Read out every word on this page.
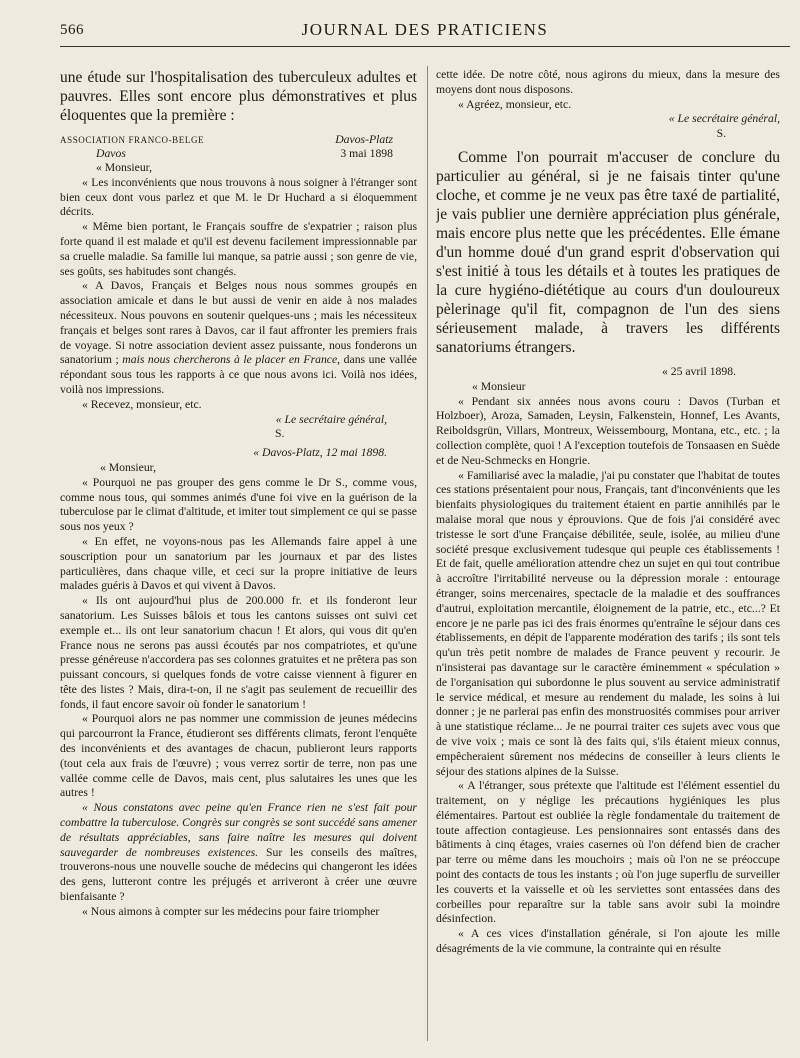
566	JOURNAL DES PRATICIENS

une étude sur l'hospitalisation des tuberculeux adultes et pauvres. Elles sont encore plus démonstratives et plus éloquentes que la première :

ASSOCIATION FRANCO-BELGE	Davos-Platz
Davos	3 mai 1898

« Monsieur,

« Les inconvénients que nous trouvons à nous soigner à l'étranger sont bien ceux dont vous parlez et que M. le Dr Huchard a si éloquemment décrits.

« Même bien portant, le Français souffre de s'expatrier ; raison plus forte quand il est malade et qu'il est devenu facilement impressionnable par sa cruelle maladie. Sa famille lui manque, sa patrie aussi ; son genre de vie, ses goûts, ses habitudes sont changés.

« A Davos, Français et Belges nous nous sommes groupés en association amicale et dans le but aussi de venir en aide à nos malades nécessiteux. Nous pouvons en soutenir quelques-uns ; mais les nécessiteux français et belges sont rares à Davos, car il faut affronter les premiers frais de voyage. Si notre association devient assez puissante, nous fonderons un sanatorium ; mais nous chercherons à le placer en France, dans une vallée répondant sous tous les rapports à ce que nous avons ici. Voilà nos idées, voilà nos impressions.

« Recevez, monsieur, etc.

« Le secrétaire général,

S.

« Davos-Platz, 12 mai 1898.

« Monsieur,

« Pourquoi ne pas grouper des gens comme le Dr S., comme vous, comme nous tous, qui sommes animés d'une foi vive en la guérison de la tuberculose par le climat d'altitude, et imiter tout simplement ce qui se passe sous nos yeux ?

« En effet, ne voyons-nous pas les Allemands faire appel à une souscription pour un sanatorium par les journaux et par des listes particulières, dans chaque ville, et ceci sur la propre initiative de leurs malades guéris à Davos et qui vivent à Davos.

« Ils ont aujourd'hui plus de 200.000 fr. et ils fonderont leur sanatorium. Les Suisses bâlois et tous les cantons suisses ont suivi cet exemple et... ils ont leur sanatorium chacun ! Et alors, qui vous dit qu'en France nous ne serons pas aussi écoutés par nos compatriotes, et qu'une presse généreuse n'accordera pas ses colonnes gratuites et ne prêtera pas son puissant concours, si quelques fonds de votre caisse viennent à figurer en tête des listes ? Mais, dira-t-on, il ne s'agit pas seulement de recueillir des fonds, il faut encore savoir où fonder le sanatorium !

« Pourquoi alors ne pas nommer une commission de jeunes médecins qui parcourront la France, étudieront ses différents climats, feront l'enquête des inconvénients et des avantages de chacun, publieront leurs rapports (tout cela aux frais de l'œuvre) ; vous verrez sortir de terre, non pas une vallée comme celle de Davos, mais cent, plus salutaires les unes que les autres !

« Nous constatons avec peine qu'en France rien ne s'est fait pour combattre la tuberculose. Congrès sur congrès se sont succédé sans amener de résultats appréciables, sans faire naître les mesures qui doivent sauvegarder de nombreuses existences. Sur les conseils des maîtres, trouverons-nous une nouvelle souche de médecins qui changeront les idées des gens, lutteront contre les préjugés et arriveront à créer une œuvre bienfaisante ?

« Nous aimons à compter sur les médecins pour faire triompher

cette idée. De notre côté, nous agirons du mieux, dans la mesure des moyens dont nous disposons.

« Agréez, monsieur, etc.

« Le secrétaire général,

S.

Comme l'on pourrait m'accuser de conclure du particulier au général, si je ne faisais tinter qu'une cloche, et comme je ne veux pas être taxé de partialité, je vais publier une dernière appréciation plus générale, mais encore plus nette que les précédentes. Elle émane d'un homme doué d'un grand esprit d'observation qui s'est initié à tous les détails et à toutes les pratiques de la cure hygiéno-diététique au cours d'un douloureux pèlerinage qu'il fit, compagnon de l'un des siens sérieusement malade, à travers les différents sanatoriums étrangers.

« 25 avril 1898.

« Monsieur

« Pendant six années nous avons couru : Davos (Turban et Holzboer), Aroza, Samaden, Leysin, Falkenstein, Honnef, Les Avants, Reiboldsgrün, Villars, Montreux, Weissembourg, Montana, etc., etc. ; la collection complète, quoi ! A l'exception toutefois de Tonsaasen en Suède et de Neu-Schmecks en Hongrie.

« Familiarisé avec la maladie, j'ai pu constater que l'habitat de toutes ces stations présentaient pour nous, Français, tant d'inconvénients que les bienfaits physiologiques du traitement étaient en partie annihilés par le malaise moral que nous y éprouvions. Que de fois j'ai considéré avec tristesse le sort d'une Française débilitée, seule, isolée, au milieu d'une société presque exclusivement tudesque qui peuple ces établissements ! Et de fait, quelle amélioration attendre chez un sujet en qui tout contribue à accroître l'irritabilité nerveuse ou la dépression morale : entourage étranger, soins mercenaires, spectacle de la maladie et des souffrances d'autrui, exploitation mercantile, éloignement de la patrie, etc., etc...? Et encore je ne parle pas ici des frais énormes qu'entraîne le séjour dans ces établissements, en dépit de l'apparente modération des tarifs ; ils sont tels qu'un très petit nombre de malades de France peuvent y recourir. Je n'insisterai pas davantage sur le caractère éminemment « spéculation » de l'organisation qui subordonne le plus souvent au service administratif le service médical, et mesure au rendement du malade, les soins à lui donner ; je ne parlerai pas enfin des monstruosités commises pour arriver à une statistique réclame... Je ne pourrai traiter ces sujets avec vous que de vive voix ; mais ce sont là des faits qui, s'ils étaient mieux connus, empêcheraient sûrement nos médecins de conseiller à leurs clients le séjour des stations alpines de la Suisse.

« A l'étranger, sous prétexte que l'altitude est l'élément essentiel du traitement, on y néglige les précautions hygiéniques les plus élémentaires. Partout est oubliée la règle fondamentale du traitement de toute affection contagieuse. Les pensionnaires sont entassés dans des bâtiments à cinq étages, vraies casernes où l'on défend bien de cracher par terre ou même dans les mouchoirs ; mais où l'on ne se préoccupe point des contacts de tous les instants ; où l'on juge superflu de surveiller les couverts et la vaisselle et où les serviettes sont entassées dans des corbeilles pour reparaître sur la table sans avoir subi la moindre désinfection.

« A ces vices d'installation générale, si l'on ajoute les mille désagréments de la vie commune, la contrainte qui en résulte
